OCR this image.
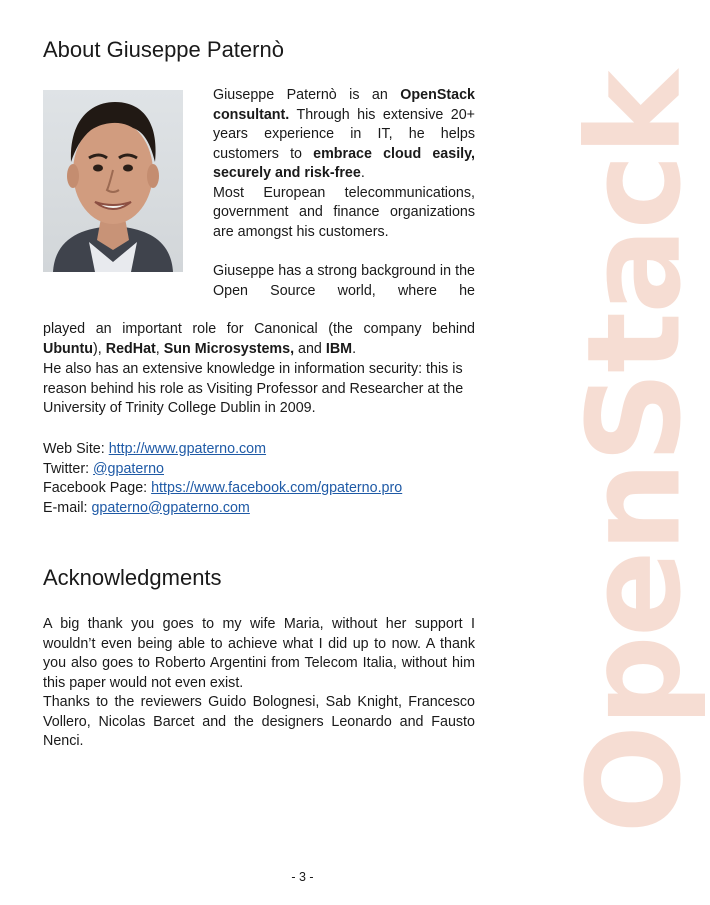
OpenStack
About Giuseppe Paternò

Giuseppe Paternò is an OpenStack consultant. Through his extensive 20+ years experience in IT, he helps customers to embrace cloud easily, securely and risk-free.

Most European telecommunications, government and finance organizations are amongst his customers.

Giuseppe has a strong background in the Open Source world, where he
played an important role for Canonical (the company behind Ubuntu), RedHat, Sun Microsystems, and IBM.
He also has an extensive knowledge in information security: this is reason behind his role as Visiting Professor and Researcher at the University of Trinity College Dublin in 2009.
Web Site: http://www.gpaterno.com
Twitter: @gpaterno
Facebook Page: https://www.facebook.com/gpaterno.pro
E-mail: gpaterno@gpaterno.com
Acknowledgments

A big thank you goes to my wife Maria, without her support I wouldn’t even being able to achieve what I did up to now. A thank you also goes to Roberto Argentini from Telecom Italia, without him this paper would not even exist.

Thanks to the reviewers Guido Bolognesi, Sab Knight, Francesco Vollero, Nicolas Barcet and the designers Leonardo and Fausto Nenci.

- 3 -
